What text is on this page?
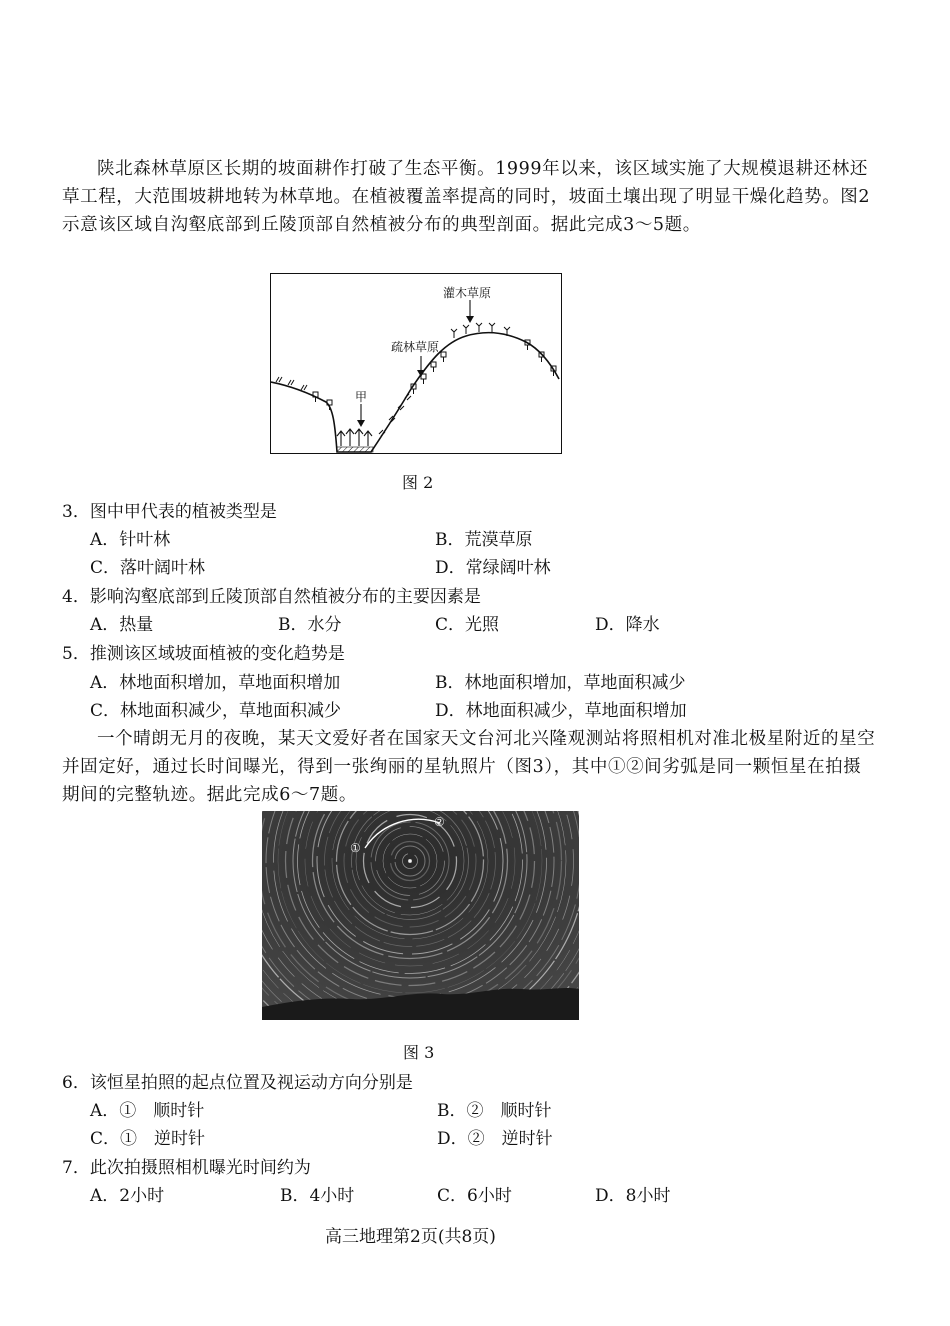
陕北森林草原区长期的坡面耕作打破了生态平衡。1999年以来，该区域实施了大规模退耕还林还草工程，大范围坡耕地转为林草地。在植被覆盖率提高的同时，坡面土壤出现了明显干燥化趋势。图2示意该区域自沟壑底部到丘陵顶部自然植被分布的典型剖面。据此完成3～5题。
灌木草原
疏林草原
甲
图 2
3．图中甲代表的植被类型是
A．针叶林	B．荒漠草原
C．落叶阔叶林	D．常绿阔叶林
4．影响沟壑底部到丘陵顶部自然植被分布的主要因素是
A．热量	B．水分	C．光照	D．降水
5．推测该区域坡面植被的变化趋势是
A．林地面积增加，草地面积增加	B．林地面积增加，草地面积减少
C．林地面积减少，草地面积减少	D．林地面积减少，草地面积增加
一个晴朗无月的夜晚，某天文爱好者在国家天文台河北兴隆观测站将照相机对准北极星附近的星空并固定好，通过长时间曝光，得到一张绚丽的星轨照片（图3），其中①②间劣弧是同一颗恒星在拍摄期间的完整轨迹。据此完成6～7题。
①
②
图 3
6．该恒星拍照的起点位置及视运动方向分别是
A．①　顺时针	B．②　顺时针
C．①　逆时针	D．②　逆时针
7．此次拍摄照相机曝光时间约为
A．2小时	B．4小时	C．6小时	D．8小时
高三地理第2页(共8页)
